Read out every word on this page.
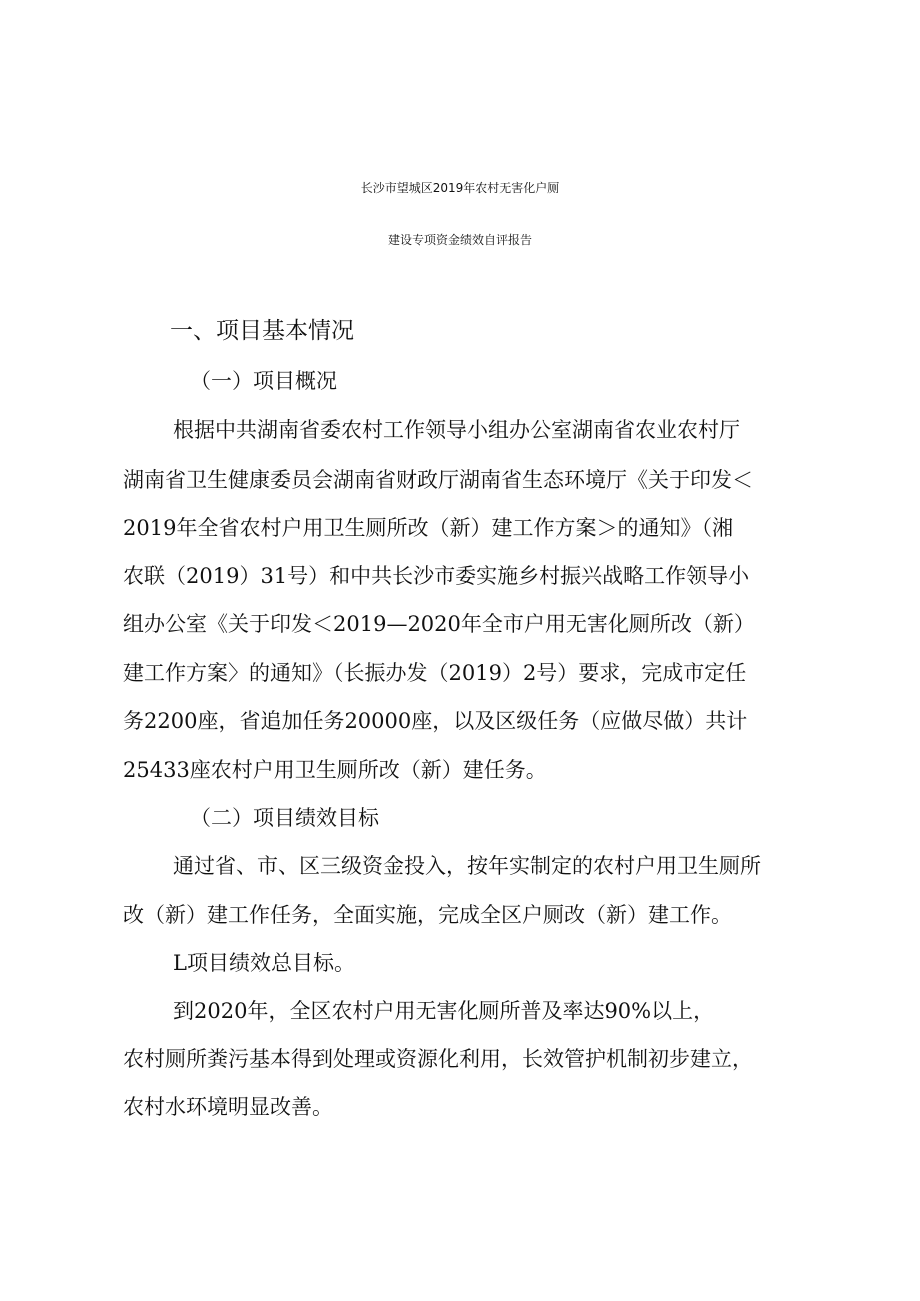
长沙市望城区2019年农村无害化户厕
建设专项资金绩效自评报告
一、项目基本情况
（一）项目概况
根据中共湖南省委农村工作领导小组办公室湖南省农业农村厅
湖南省卫生健康委员会湖南省财政厅湖南省生态环境厅《关于印发＜
2019年全省农村户用卫生厕所改（新）建工作方案＞的通知》（湘
农联（2019）31号）和中共长沙市委实施乡村振兴战略工作领导小
组办公室《关于印发＜2019—2020年全市户用无害化厕所改（新）
建工作方案〉的通知》（长振办发（2019）2号）要求，完成市定任
务2200座，省追加任务20000座，以及区级任务（应做尽做）共计
25433座农村户用卫生厕所改（新）建任务。
（二）项目绩效目标
通过省、市、区三级资金投入，按年实制定的农村户用卫生厕所
改（新）建工作任务，全面实施，完成全区户厕改（新）建工作。
L项目绩效总目标。
到2020年，全区农村户用无害化厕所普及率达90%以上，
农村厕所粪污基本得到处理或资源化利用，长效管护机制初步建立，
农村水环境明显改善。
